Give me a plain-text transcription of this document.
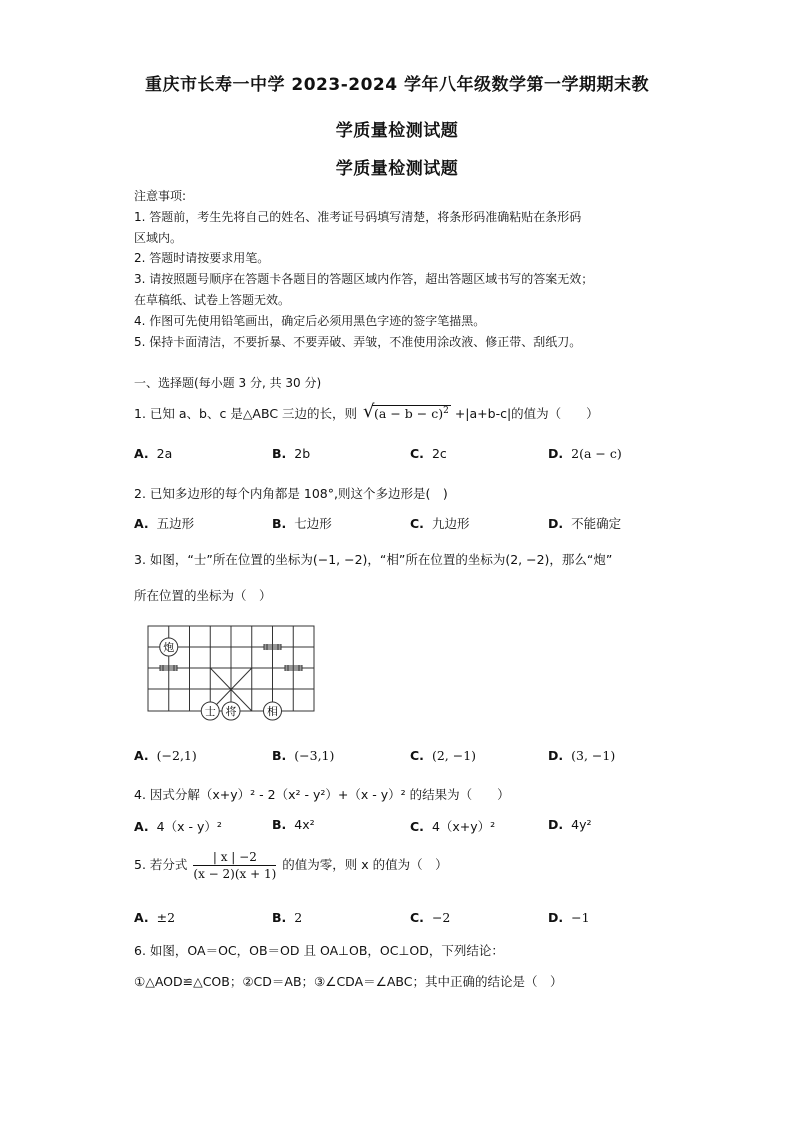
重庆市长寿一中学 2023-2024 学年八年级数学第一学期期末教
学质量检测试题
学质量检测试题
注意事项:
1. 答题前，考生先将自己的姓名、准考证号码填写清楚，将条形码准确粘贴在条形码
区域内。
2. 答题时请按要求用笔。
3. 请按照题号顺序在答题卡各题目的答题区域内作答，超出答题区域书写的答案无效；
在草稿纸、试卷上答题无效。
4. 作图可先使用铅笔画出，确定后必须用黑色字迹的签字笔描黑。
5. 保持卡面清洁，不要折暴、不要弄破、弄皱，不准使用涂改液、修正带、刮纸刀。
一、选择题(每小题 3 分, 共 30 分)
1. 已知 a、b、c 是△ABC 三边的长，则 √ $(a - b - c)^2 +|a+b-c|$的值为（　　）
A. 2a	B. 2b	C. 2c	D. 2(a − c)
2. 已知多边形的每个内角都是 108°,则这个多边形是(　)
A. 五边形	B. 七边形	C. 九边形	D. 不能确定
3. 如图，“士”所在位置的坐标为(−1, −2)，“相”所在位置的坐标为(2, −2)，那么“炮”
所在位置的坐标为（　）
炮
士 将	相
A. (−2,1)	B. (−3,1)	C. (2, −1)	D. (3, −1)
4. 因式分解（x+y）² - 2（x² - y²）+（x - y）² 的结果为（　　）
A. 4（x - y）²	B. 4x²	C. 4（x+y）²	D. 4y²
5. 若分式 $\frac{| x | -2}{(x - 2)(x + 1)}$ 的值为零，则 x 的值为（　）
A. ±2	B. 2	C. −2	D. −1
6. 如图，OA＝OC，OB＝OD 且 OA⊥OB，OC⊥OD，下列结论：
①△AOD≌△COB；②CD＝AB；③∠CDA＝∠ABC；其中正确的结论是（　）
